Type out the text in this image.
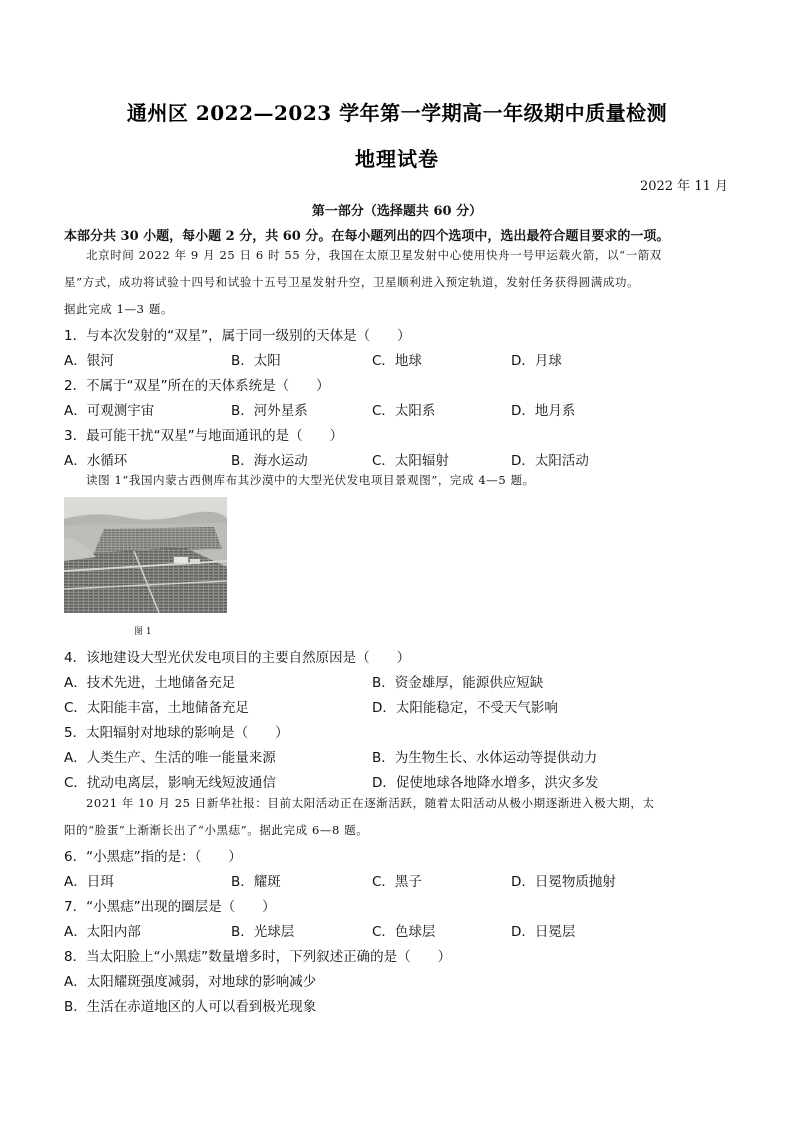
通州区 2022—2023 学年第一学期高一年级期中质量检测
地理试卷
2022 年 11 月
第一部分（选择题共 60 分）
本部分共 30 小题，每小题 2 分，共 60 分。在每小题列出的四个选项中，选出最符合题目要求的一项。
北京时间 2022 年 9 月 25 日 6 时 55 分，我国在太原卫星发射中心使用快舟一号甲运载火箭，以“一箭双
星”方式，成功将试验十四号和试验十五号卫星发射升空，卫星顺利进入预定轨道，发射任务获得圆满成功。
据此完成 1—3 题。
1．与本次发射的“双星”，属于同一级别的天体是（　　）
A．银河	B．太阳	C．地球	D．月球
2．不属于“双星”所在的天体系统是（　　）
A．可观测宇宙	B．河外星系	C．太阳系	D．地月系
3．最可能干扰“双星”与地面通讯的是（　　）
A．水循环	B．海水运动	C．太阳辐射	D．太阳活动
读图 1“我国内蒙古西侧库布其沙漠中的大型光伏发电项目景观图”，完成 4—5 题。
图 1
4．该地建设大型光伏发电项目的主要自然原因是（　　）
A．技术先进，土地储备充足	B．资金雄厚，能源供应短缺
C．太阳能丰富，土地储备充足	D．太阳能稳定，不受天气影响
5．太阳辐射对地球的影响是（　　）
A．人类生产、生活的唯一能量来源	B．为生物生长、水体运动等提供动力
C．扰动电离层，影响无线短波通信	D．促使地球各地降水增多，洪灾多发
2021 年 10 月 25 日新华社报：目前太阳活动正在逐渐活跃，随着太阳活动从极小期逐渐进入极大期，太
阳的“脸蛋”上渐渐长出了“小黑痣”。据此完成 6—8 题。
6．“小黑痣”指的是：（　　）
A．日珥	B．耀斑	C．黑子	D．日冕物质抛射
7．“小黑痣”出现的圈层是（　　）
A．太阳内部	B．光球层	C．色球层	D．日冕层
8．当太阳脸上“小黑痣”数量增多时，下列叙述正确的是（　　）
A．太阳耀斑强度减弱，对地球的影响减少
B．生活在赤道地区的人可以看到极光现象
